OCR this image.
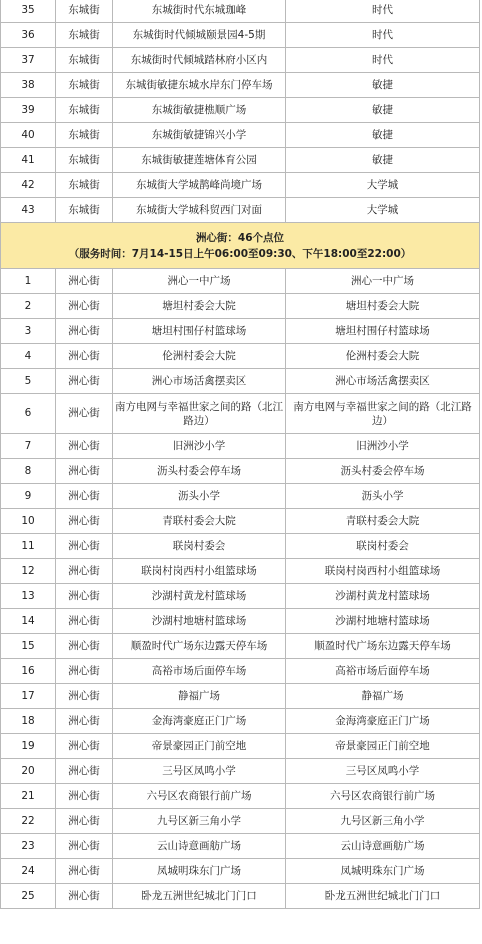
35	东城街	东城街时代东城珈峰	时代
36	东城街	东城街时代倾城颐景园4-5期	时代
37	东城街	东城街时代倾城踏林府小区内	时代
38	东城街	东城街敏捷东城水岸东门停车场	敏捷
39	东城街	东城街敏捷樵顺广场	敏捷
40	东城街	东城街敏捷锦兴小学	敏捷
41	东城街	东城街敏捷莲塘体育公园	敏捷
42	东城街	东城街大学城鹊峰尚境广场	大学城
43	东城街	东城街大学城科贸西门对面	大学城

洲心街：46个点位
（服务时间：7月14-15日上午06:00至09:30、下午18:00至22:00）			

1	洲心街	洲心一中广场	洲心一中广场
2	洲心街	塘坦村委会大院	塘坦村委会大院
3	洲心街	塘坦村围仔村篮球场	塘坦村围仔村篮球场
4	洲心街	伦洲村委会大院	伦洲村委会大院
5	洲心街	洲心市场活禽摆卖区	洲心市场活禽摆卖区
6	洲心街	南方电网与幸福世家之间的路（北江路边）	南方电网与幸福世家之间的路（北江路边）
7	洲心街	旧洲沙小学	旧洲沙小学
8	洲心街	沥头村委会停车场	沥头村委会停车场
9	洲心街	沥头小学	沥头小学
10	洲心街	青联村委会大院	青联村委会大院
11	洲心街	联岗村委会	联岗村委会
12	洲心街	联岗村岗西村小组篮球场	联岗村岗西村小组篮球场
13	洲心街	沙湖村黄龙村篮球场	沙湖村黄龙村篮球场
14	洲心街	沙湖村地塘村篮球场	沙湖村地塘村篮球场
15	洲心街	顺盈时代广场东边露天停车场	顺盈时代广场东边露天停车场
16	洲心街	高裕市场后面停车场	高裕市场后面停车场
17	洲心街	静福广场	静福广场
18	洲心街	金海湾豪庭正门广场	金海湾豪庭正门广场
19	洲心街	帝景豪园正门前空地	帝景豪园正门前空地
20	洲心街	三号区凤鸣小学	三号区凤鸣小学
21	洲心街	六号区农商银行前广场	六号区农商银行前广场
22	洲心街	九号区新三角小学	九号区新三角小学
23	洲心街	云山诗意画舫广场	云山诗意画舫广场
24	洲心街	凤城明珠东门广场	凤城明珠东门广场
25	洲心街	卧龙五洲世纪城北门门口	卧龙五洲世纪城北门门口
